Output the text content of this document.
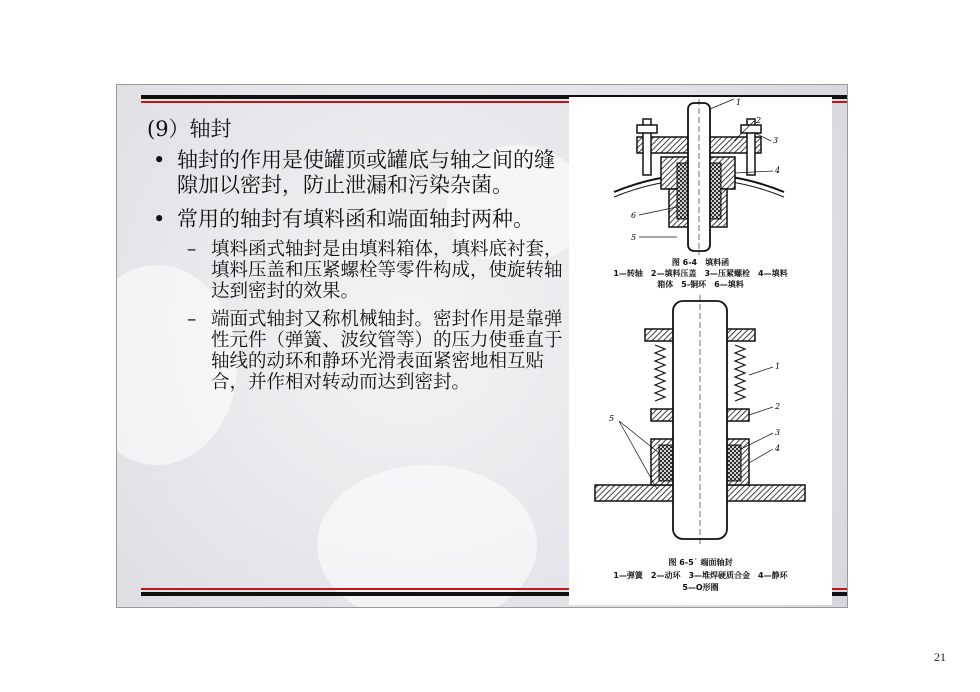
(9）轴封
• 轴封的作用是使罐顶或罐底与轴之间的缝隙加以密封，防止泄漏和污染杂菌。
• 常用的轴封有填料函和端面轴封两种。
– 填料函式轴封是由填料箱体，填料底衬套，填料压盖和压紧螺栓等零件构成，使旋转轴达到密封的效果。
– 端面式轴封又称机械轴封。密封作用是靠弹性元件（弹簧、波纹管等）的压力使垂直于轴线的动环和静环光滑表面紧密地相互贴合，并作相对转动而达到密封。
1
2
3
4
5
6
图 6-4　填料函
1—转轴　2—填料压盖　3—压紧螺栓　4—填料
箱体　5-铜环　6—填料
1
2
3
4
5
图 6-5˙ 端面轴封
1—弹簧　2—动环　3—堆焊硬质合金　4—静环
5—O形圈
21
